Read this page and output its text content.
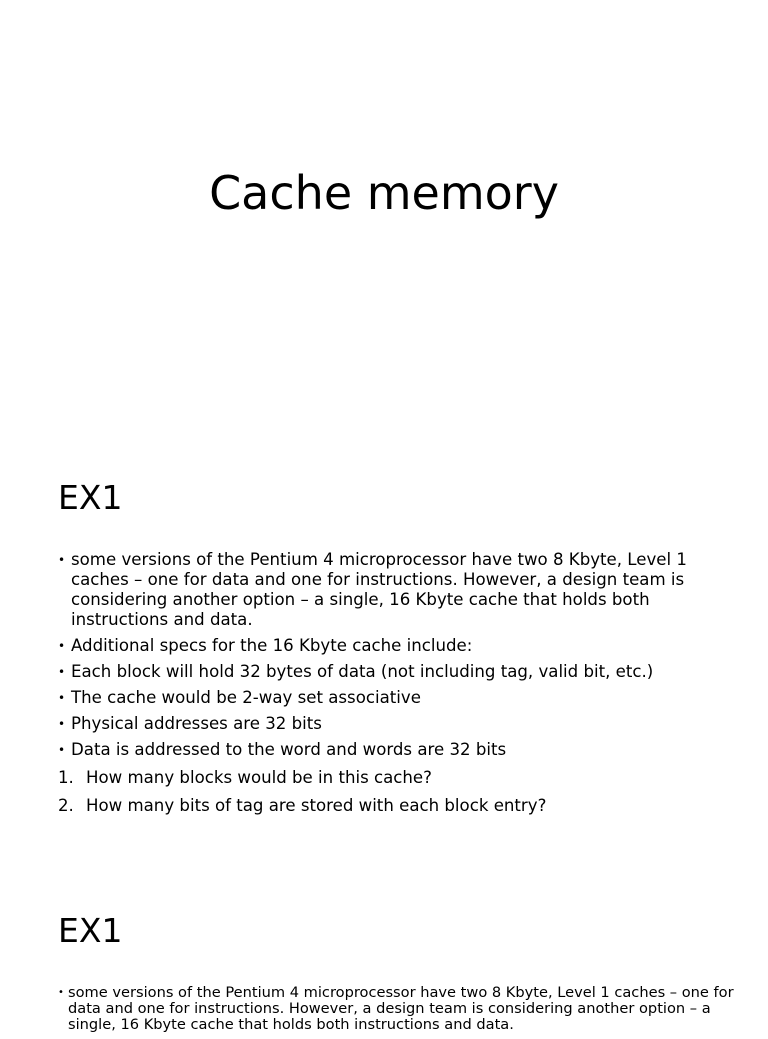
Cache memory
EX1
• some versions of the Pentium 4 microprocessor have two 8 Kbyte, Level 1 caches – one for data and one for instructions. However, a design team is considering another option – a single, 16 Kbyte cache that holds both instructions and data.
• Additional specs for the 16 Kbyte cache include:
• Each block will hold 32 bytes of data (not including tag, valid bit, etc.)
• The cache would be 2-way set associative
• Physical addresses are 32 bits
• Data is addressed to the word and words are 32 bits
1. How many blocks would be in this cache?
2. How many bits of tag are stored with each block entry?
EX1
• some versions of the Pentium 4 microprocessor have two 8 Kbyte, Level 1 caches – one for data and one for instructions. However, a design team is considering another option – a single, 16 Kbyte cache that holds both instructions and data.
